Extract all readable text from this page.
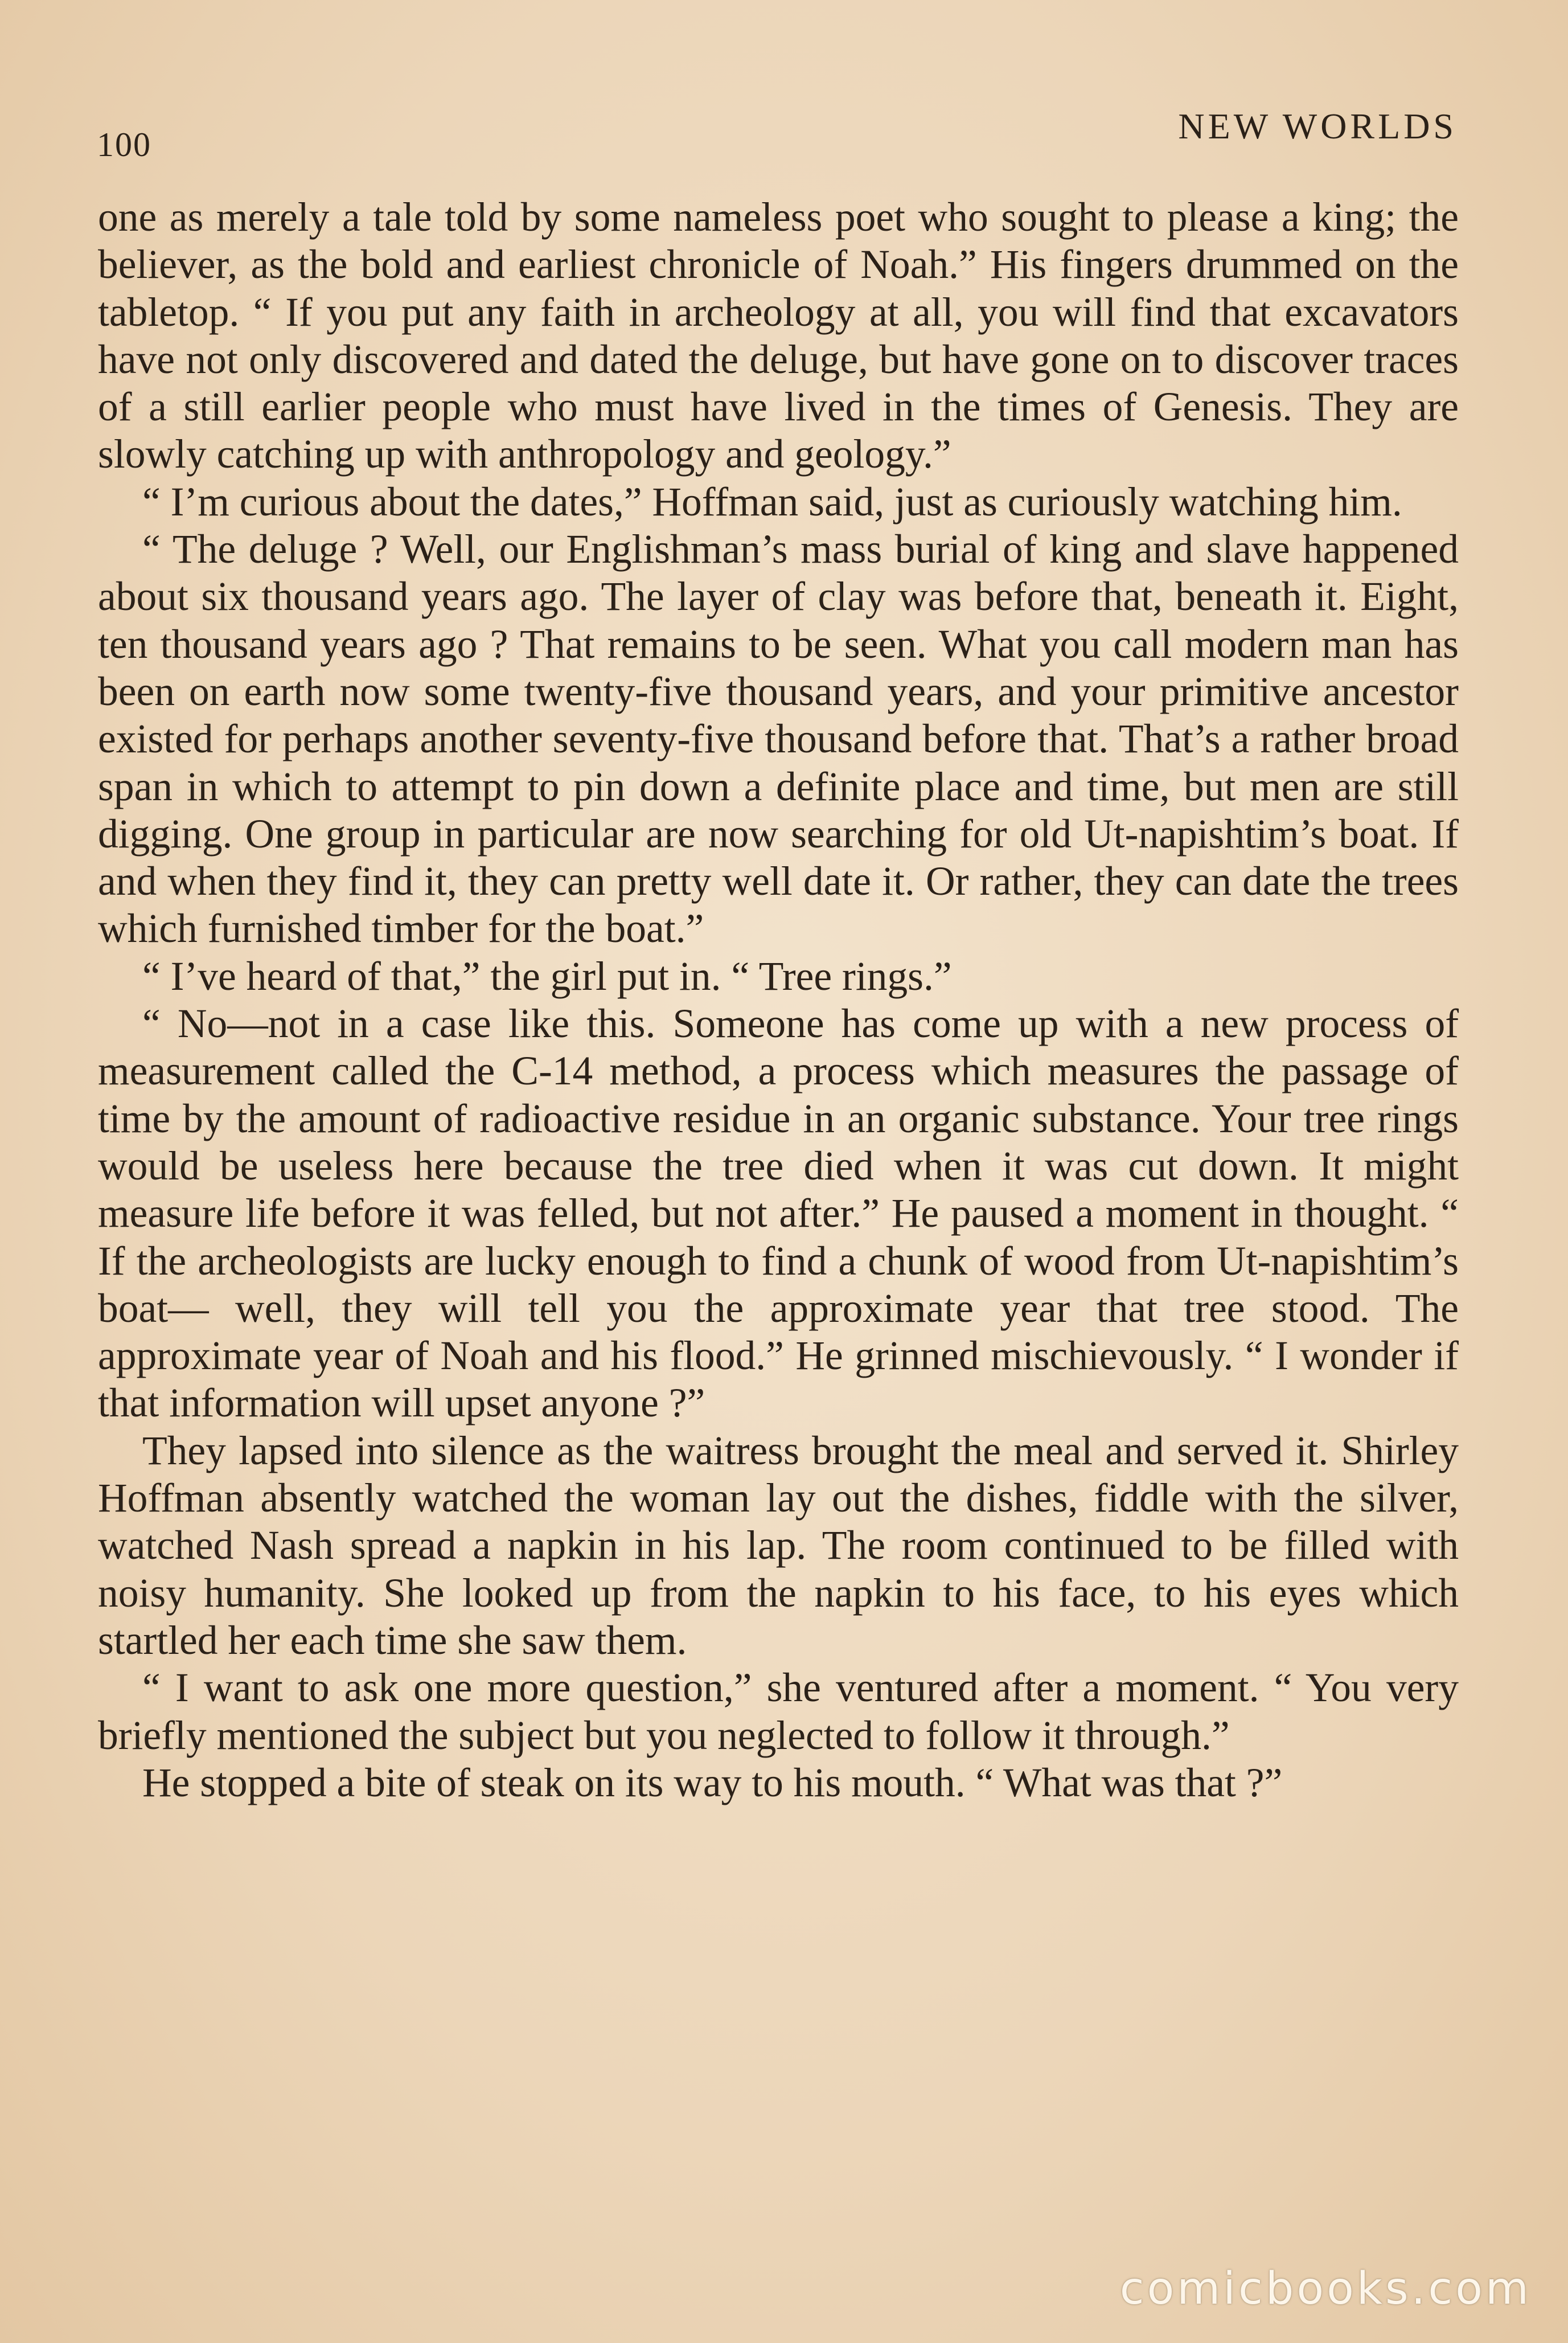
100	NEW WORLDS

one as merely a tale told by some nameless poet who sought to please a king; the believer, as the bold and earliest chronicle of Noah.” His fingers drummed on the tabletop. “ If you put any faith in archeology at all, you will find that excavators have not only discovered and dated the deluge, but have gone on to discover traces of a still earlier people who must have lived in the times of Genesis. They are slowly catching up with anthropology and geology.”

“ I’m curious about the dates,” Hoffman said, just as curiously watching him.

“ The deluge ? Well, our Englishman’s mass burial of king and slave happened about six thousand years ago. The layer of clay was before that, beneath it. Eight, ten thousand years ago ? That remains to be seen. What you call modern man has been on earth now some twenty-five thousand years, and your primitive ancestor existed for perhaps another seventy-five thousand before that. That’s a rather broad span in which to attempt to pin down a definite place and time, but men are still digging. One group in particular are now searching for old Ut-napishtim’s boat. If and when they find it, they can pretty well date it. Or rather, they can date the trees which furnished timber for the boat.”

“ I’ve heard of that,” the girl put in. “ Tree rings.”

“ No—not in a case like this. Someone has come up with a new process of measurement called the C-14 method, a process which measures the passage of time by the amount of radioactive residue in an organic substance. Your tree rings would be useless here because the tree died when it was cut down. It might measure life before it was felled, but not after.” He paused a moment in thought. “ If the archeologists are lucky enough to find a chunk of wood from Ut-napishtim’s boat— well, they will tell you the approximate year that tree stood. The approximate year of Noah and his flood.” He grinned mischievously. “ I wonder if that information will upset anyone ?”

They lapsed into silence as the waitress brought the meal and served it. Shirley Hoffman absently watched the woman lay out the dishes, fiddle with the silver, watched Nash spread a napkin in his lap. The room continued to be filled with noisy humanity. She looked up from the napkin to his face, to his eyes which startled her each time she saw them.

“ I want to ask one more question,” she ventured after a moment. “ You very briefly mentioned the subject but you neglected to follow it through.”

He stopped a bite of steak on its way to his mouth. “ What was that ?”

comicbooks.com
